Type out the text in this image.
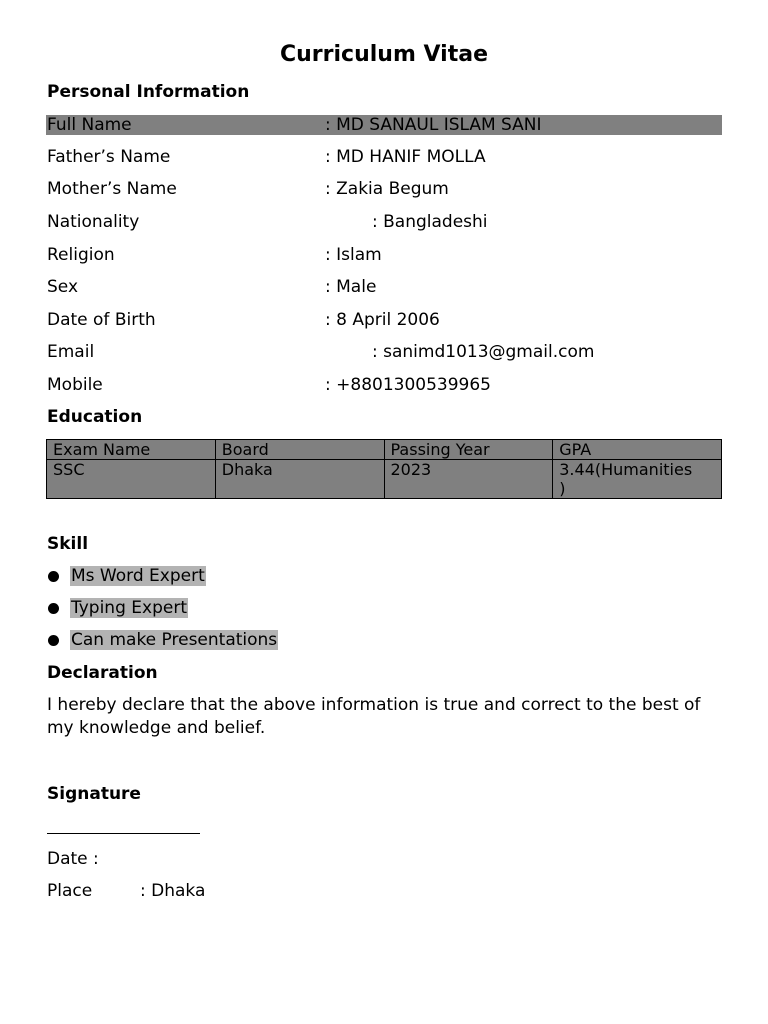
Curriculum Vitae
Personal Information
Full Name	: MD SANAUL ISLAM SANI
Father’s Name	: MD HANIF MOLLA
Mother’s Name	: Zakia Begum
Nationality	: Bangladeshi
Religion	: Islam
Sex	: Male
Date of Birth	: 8 April 2006
Email	: sanimd1013@gmail.com
Mobile	: +8801300539965
Education
Exam Name	Board	Passing Year	GPA
SSC	Dhaka	2023	3.44(Humanities
)
Skill
Ms Word Expert
Typing Expert
Can make Presentations
Declaration
I hereby declare that the above information is true and correct to the best of my knowledge and belief.
Signature
Date :
Place	: Dhaka
